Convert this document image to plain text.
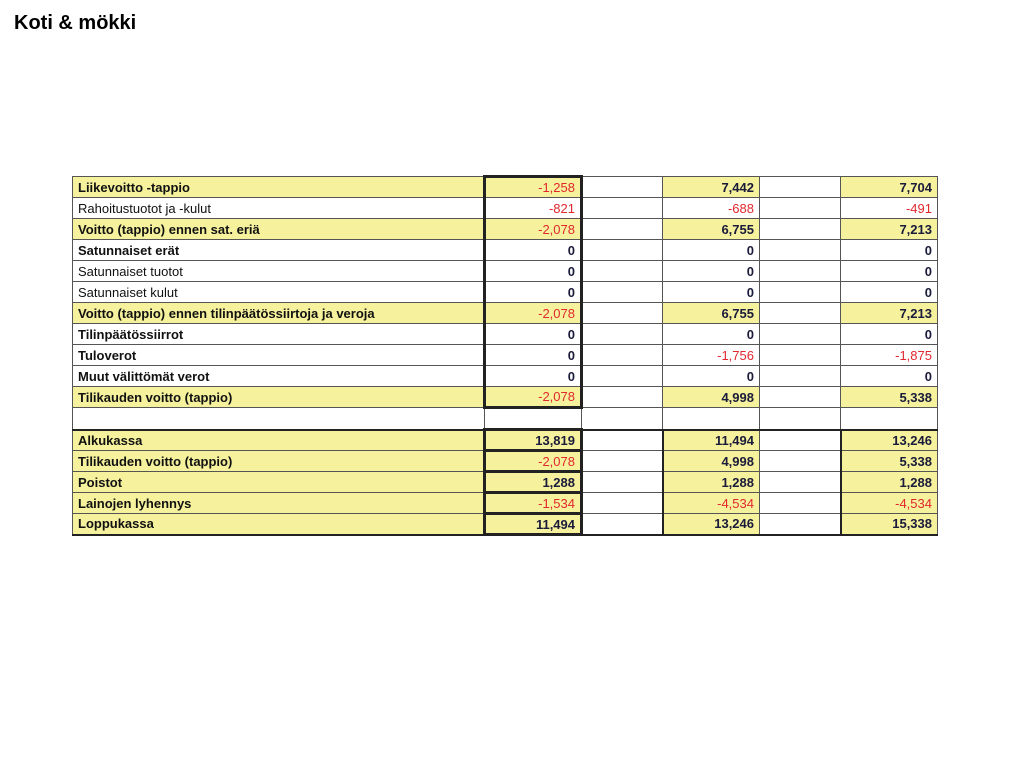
Koti & mökki
Liikevoitto -tappio	-1,258		7,442		7,704
Rahoitustuotot ja -kulut	-821		-688		-491
Voitto (tappio) ennen sat. eriä	-2,078		6,755		7,213
Satunnaiset erät	0		0		0
Satunnaiset tuotot	0		0		0
Satunnaiset kulut	0		0		0
Voitto (tappio) ennen tilinpäätössiirtoja ja veroja	-2,078		6,755		7,213
Tilinpäätössiirrot	0		0		0
Tuloverot	0		-1,756		-1,875
Muut välittömät verot	0		0		0
Tilikauden voitto (tappio)	-2,078		4,998		5,338

Alkukassa	13,819		11,494		13,246
Tilikauden voitto (tappio)	-2,078		4,998		5,338
Poistot	1,288		1,288		1,288
Lainojen lyhennys	-1,534		-4,534		-4,534
Loppukassa	11,494		13,246		15,338
